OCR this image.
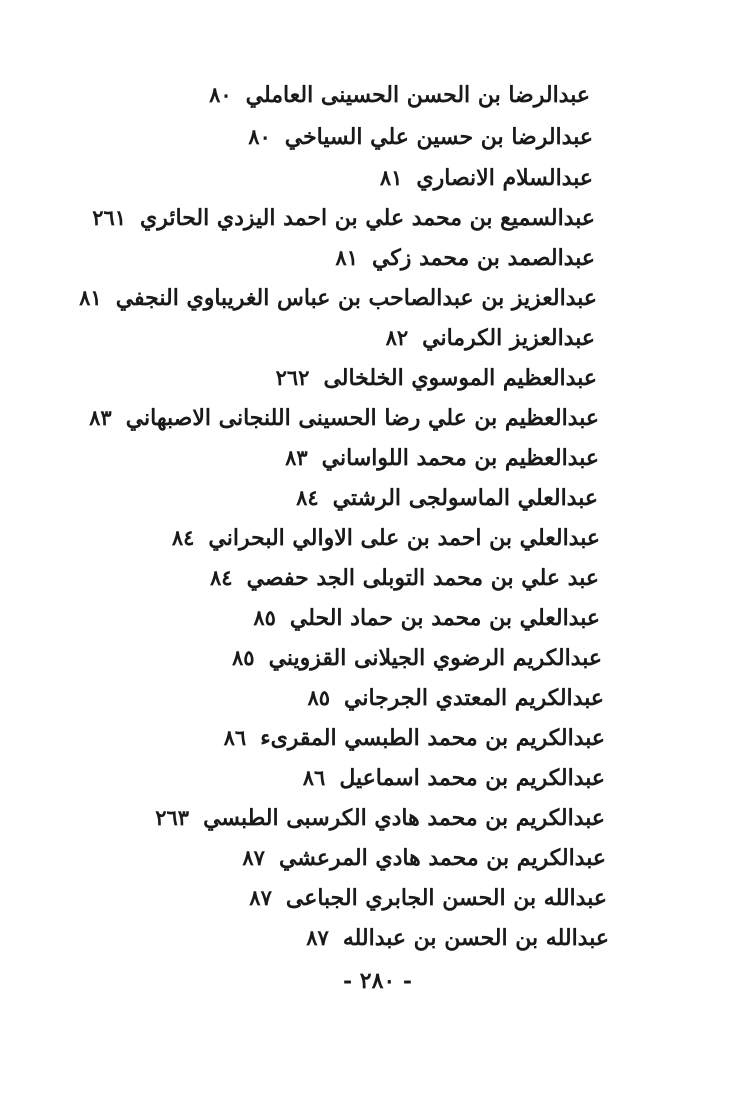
عبدالرضا بن الحسن الحسينى العاملي٨٠
عبدالرضا بن حسين علي السياخي٨٠
عبدالسلام الانصاري٨١
عبدالسميع بن محمد علي بن احمد اليزدي الحائري٢٦١
عبدالصمد بن محمد زكي٨١
عبدالعزيز بن عبدالصاحب بن عباس الغريباوي النجفي٨١
عبدالعزيز الكرماني٨٢
عبدالعظيم الموسوي الخلخالى٢٦٢
عبدالعظيم بن علي رضا الحسينى اللنجانى الاصبهاني٨٣
عبدالعظيم بن محمد اللواساني٨٣
عبدالعلي الماسولجى الرشتي٨٤
عبدالعلي بن احمد بن على الاوالي البحراني٨٤
عبد علي بن محمد التوبلى الجد حفصي٨٤
عبدالعلي بن محمد بن حماد الحلي٨٥
عبدالكريم الرضوي الجيلانى القزويني٨٥
عبدالكريم المعتدي الجرجاني٨٥
عبدالكريم بن محمد الطبسي المقرىء٨٦
عبدالكريم بن محمد اسماعيل٨٦
عبدالكريم بن محمد هادي الكرسبى الطبسي٢٦٣
عبدالكريم بن محمد هادي المرعشي٨٧
عبدالله بن الحسن الجابري الجباعى٨٧
عبدالله بن الحسن بن عبدالله٨٧
- ٢٨٠ -
